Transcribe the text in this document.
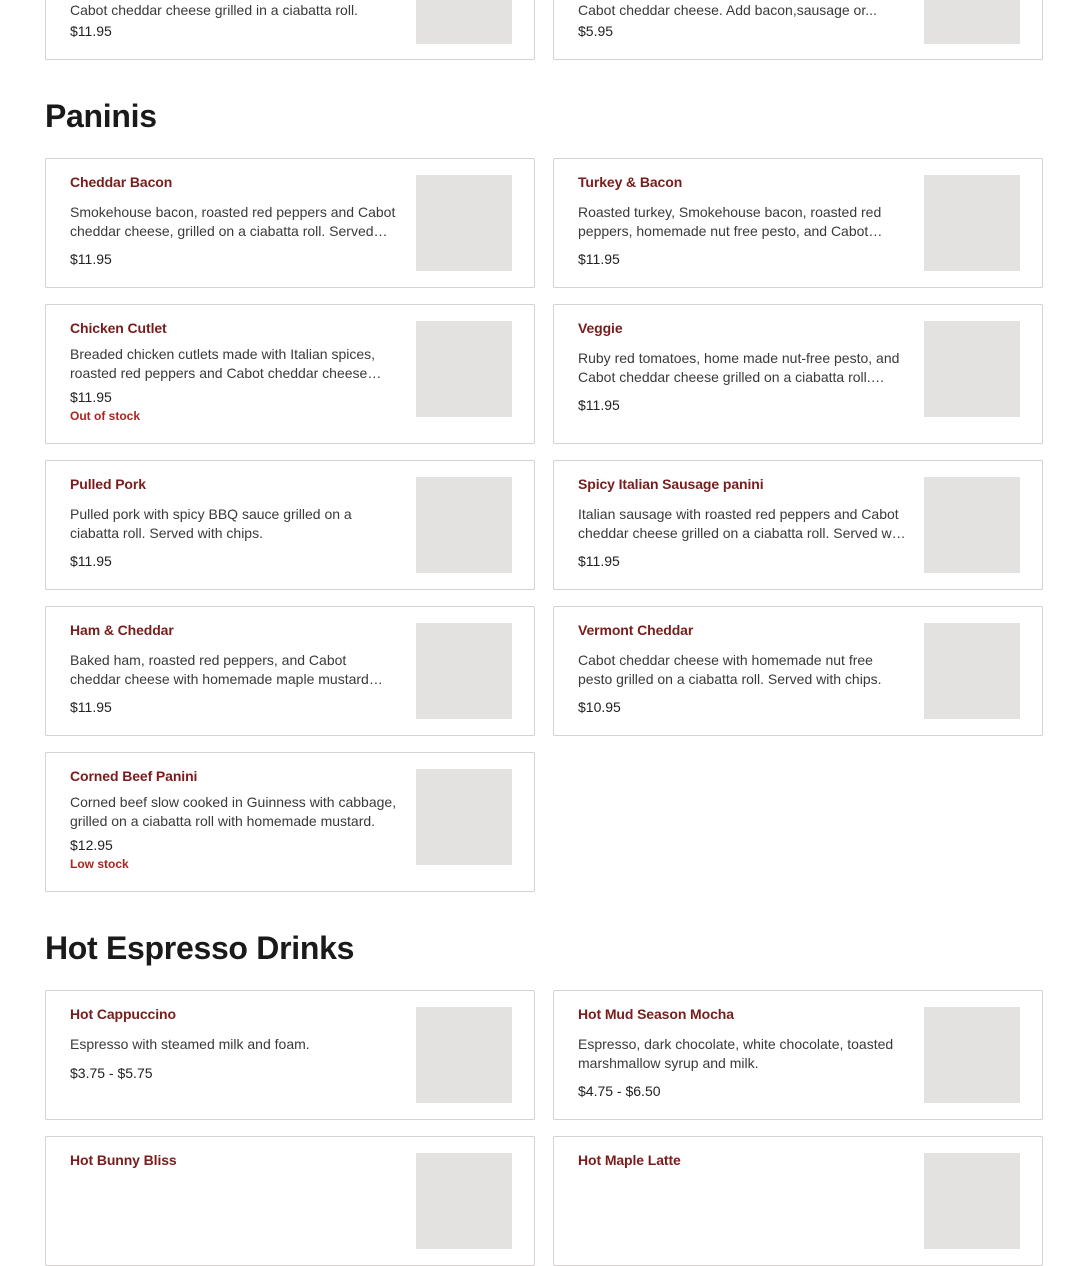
Cabot cheddar cheese grilled in a ciabatta roll.
$11.95
Cabot cheddar cheese. Add bacon,sausage or...
$5.95
Paninis
Cheddar Bacon
Smokehouse bacon, roasted red peppers and Cabot cheddar cheese, grilled on a ciabatta roll. Served
$11.95
Turkey & Bacon
Roasted turkey, Smokehouse bacon, roasted red peppers, homemade nut free pesto, and Cabot
$11.95
Chicken Cutlet
Breaded chicken cutlets made with Italian spices, roasted red peppers and Cabot cheddar cheese
$11.95
Out of stock
Veggie
Ruby red tomatoes, home made nut-free pesto, and Cabot cheddar cheese grilled on a ciabatta roll.
$11.95
Pulled Pork
Pulled pork with spicy BBQ sauce grilled on a ciabatta roll. Served with chips.
$11.95
Spicy Italian Sausage panini
Italian sausage with roasted red peppers and Cabot cheddar cheese grilled on a ciabatta roll. Served with
$11.95
Ham & Cheddar
Baked ham, roasted red peppers, and Cabot cheddar cheese with homemade maple mustard
$11.95
Vermont Cheddar
Cabot cheddar cheese with homemade nut free pesto grilled on a ciabatta roll. Served with chips.
$10.95
Corned Beef Panini
Corned beef slow cooked in Guinness with cabbage, grilled on a ciabatta roll with homemade mustard.
$12.95
Low stock
Hot Espresso Drinks
Hot Cappuccino
Espresso with steamed milk and foam.
$3.75 - $5.75
Hot Mud Season Mocha
Espresso, dark chocolate, white chocolate, toasted marshmallow syrup and milk.
$4.75 - $6.50
Hot Bunny Bliss	Hot Maple Latte
